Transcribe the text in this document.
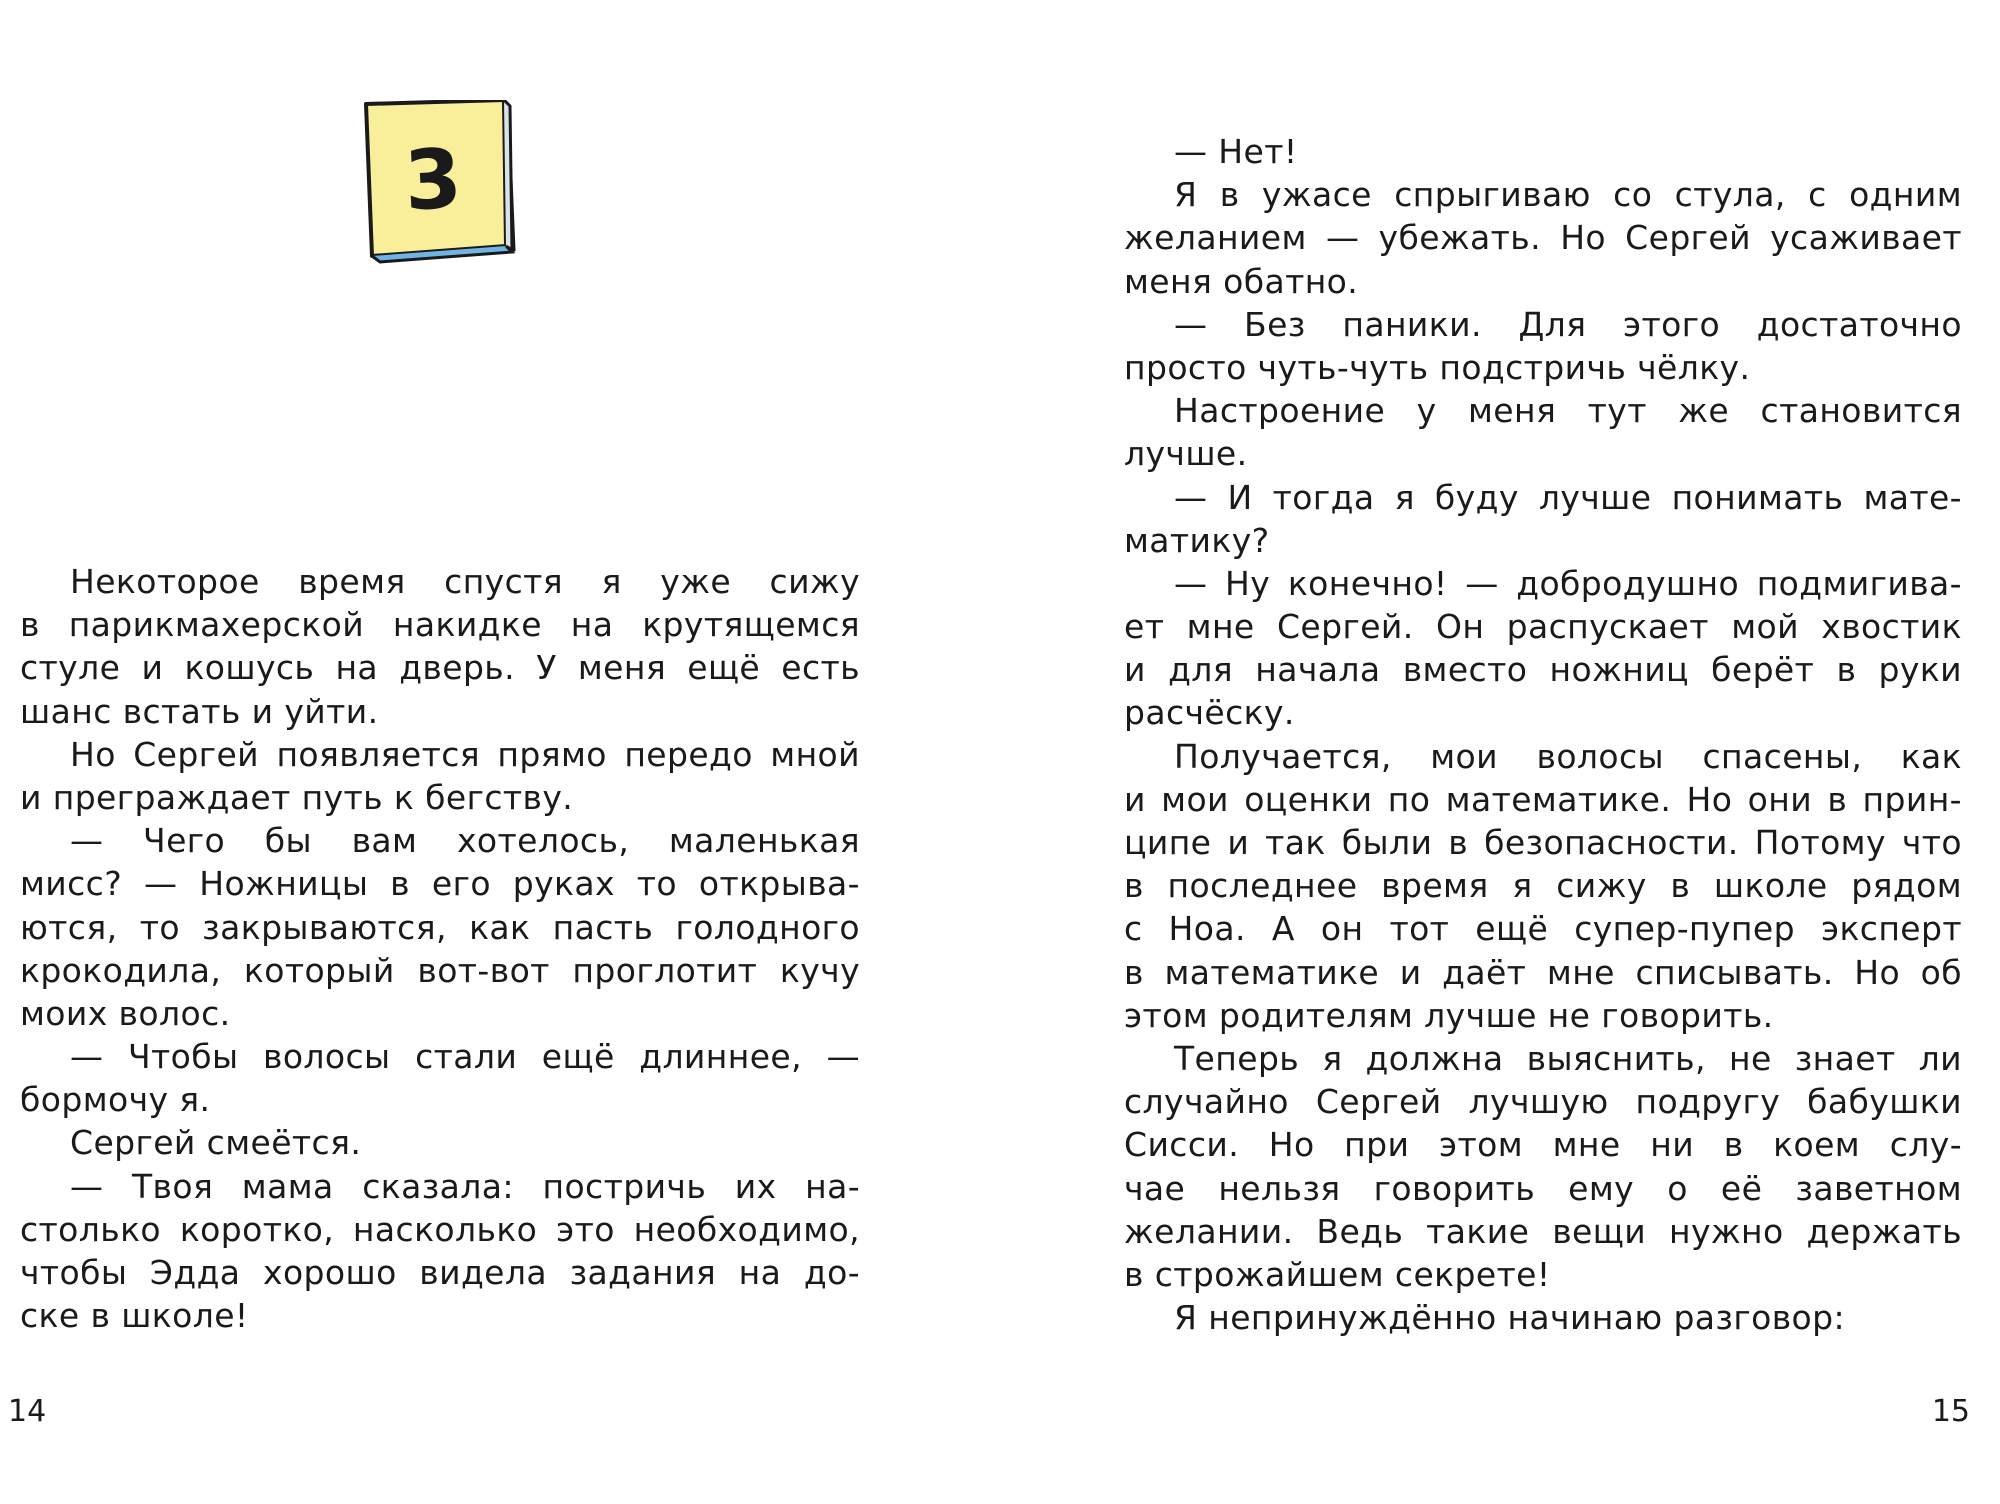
3
Некоторое время спустя я уже сижу
в парикмахерской накидке на крутящемся
стуле и кошусь на дверь. У меня ещё есть
шанс встать и уйти.
Но Сергей появляется прямо передо мной
и преграждает путь к бегству.
— Чего бы вам хотелось, маленькая
мисс? — Ножницы в его руках то открыва-
ются, то закрываются, как пасть голодного
крокодила, который вот-вот проглотит кучу
моих волос.
— Чтобы волосы стали ещё длиннее, —
бормочу я.
Сергей смеётся.
— Твоя мама сказала: постричь их на-
столько коротко, насколько это необходимо,
чтобы Эдда хорошо видела задания на до-
ске в школе!
14
— Нет!
Я в ужасе спрыгиваю со стула, с одним
желанием — убежать. Но Сергей усаживает
меня обатно.
— Без паники. Для этого достаточно
просто чуть-чуть подстричь чёлку.
Настроение у меня тут же становится
лучше.
— И тогда я буду лучше понимать мате-
матику?
— Ну конечно! — добродушно подмигива-
ет мне Сергей. Он распускает мой хвостик
и для начала вместо ножниц берёт в руки
расчёску.
Получается, мои волосы спасены, как
и мои оценки по математике. Но они в прин-
ципе и так были в безопасности. Потому что
в последнее время я сижу в школе рядом
с Ноа. А он тот ещё супер-пупер эксперт
в математике и даёт мне списывать. Но об
этом родителям лучше не говорить.
Теперь я должна выяснить, не знает ли
случайно Сергей лучшую подругу бабушки
Сисси. Но при этом мне ни в коем слу-
чае нельзя говорить ему о её заветном
желании. Ведь такие вещи нужно держать
в строжайшем секрете!
Я непринуждённо начинаю разговор:
15
